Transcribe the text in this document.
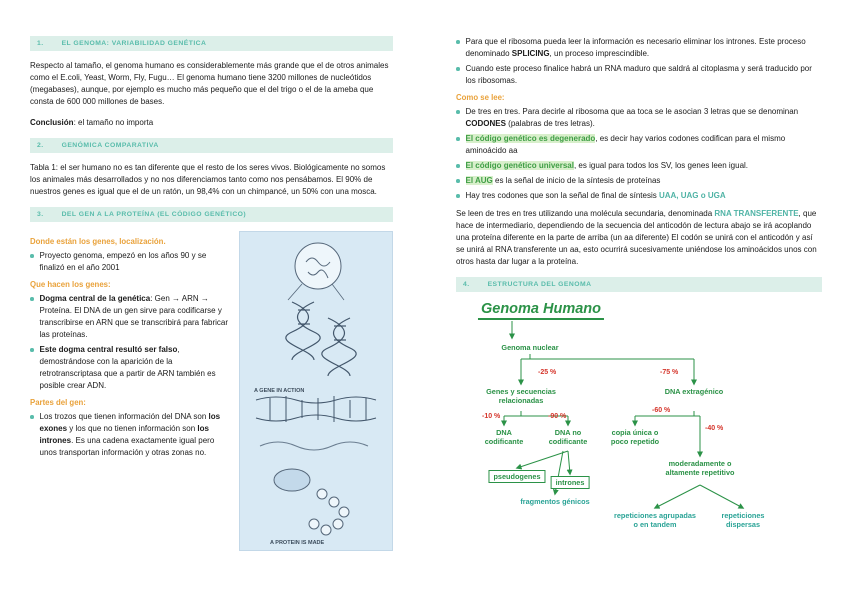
1.	EL GENOMA: VARIABILIDAD GENÉTICA

Respecto al tamaño, el genoma humano es considerablemente más grande que el de otros animales como el E.coli, Yeast, Worm, Fly, Fugu… El genoma humano tiene 3200 millones de nucleótidos (megabases), aunque, por ejemplo es mucho más pequeño que el del trigo o el de la ameba que consta de 600 000 millones de bases.

Conclusión: el tamaño no importa

2.	GENÓMICA COMPARATIVA

Tabla 1: el ser humano no es tan diferente que el resto de los seres vivos. Biológicamente no somos los animales más desarrollados y no nos diferenciamos tanto como nos pensábamos. El 90% de nuestros genes es igual que el de un ratón, un 98,4% con un chimpancé, un 50% con una mosca.

3.	DEL GEN A LA PROTEÍNA (EL CÓDIGO GENÉTICO)
Donde están los genes, localización.
Proyecto genoma, empezó en los años 90 y se finalizó en el año 2001
Que hacen los genes:
Dogma central de la genética: Gen → ARN → Proteína. El DNA de un gen sirve para codificarse y transcribirse en ARN que se transcribirá para fabricar las proteínas.
Este dogma central resultó ser falso, demostrándose con la aparición de la retrotranscriptasa que a partir de ARN también es posible crear ADN.
Partes del gen:
Los trozos que tienen información del DNA son los exones y los que no tienen información son los intrones. Es una cadena exactamente igual pero unos transportan información y otras zonas no.
A GENE IN ACTION
A PROTEIN IS MADE
Para que el ribosoma pueda leer la información es necesario eliminar los intrones. Este proceso denominado SPLICING, un proceso imprescindible.
Cuando este proceso finalice habrá un RNA maduro que saldrá al citoplasma y será traducido por los ribosomas.
Como se lee:
De tres en tres. Para decirle al ribosoma que aa toca se le asocian 3 letras que se denominan CODONES (palabras de tres letras).
El código genético es degenerado, es decir hay varios codones codifican para el mismo aminoácido aa
El código genético universal, es igual para todos los SV, los genes leen igual.
El AUG es la señal de inicio de la síntesis de proteínas
Hay tres codones que son la señal de final de síntesis UAA, UAG o UGA

Se leen de tres en tres utilizando una molécula secundaria, denominada RNA TRANSFERENTE, que hace de intermediario, dependiendo de la secuencia del anticodón de lectura abajo se irá acoplando una proteína diferente en la parte de arriba (un aa diferente) El codón se unirá con el anticodón y así se unirá al RNA transferente un aa, esto ocurrirá sucesivamente uniéndose los aminoácidos unos con otros hasta dar lugar a la proteína.

4.	ESTRUCTURA DEL GENOMA
Genoma Humano
Genoma nuclear
Genes y secuencias relacionadas
DNA extragénico
DNA codificante
DNA no codificante
copia única o poco repetido
moderadamente o altamente repetitivo
pseudogenes
intrones
fragmentos génicos
repeticiones agrupadas o en tandem
repeticiones dispersas
-25 %	-75 %
-10 %	-90 %
-60 %
-40 %
